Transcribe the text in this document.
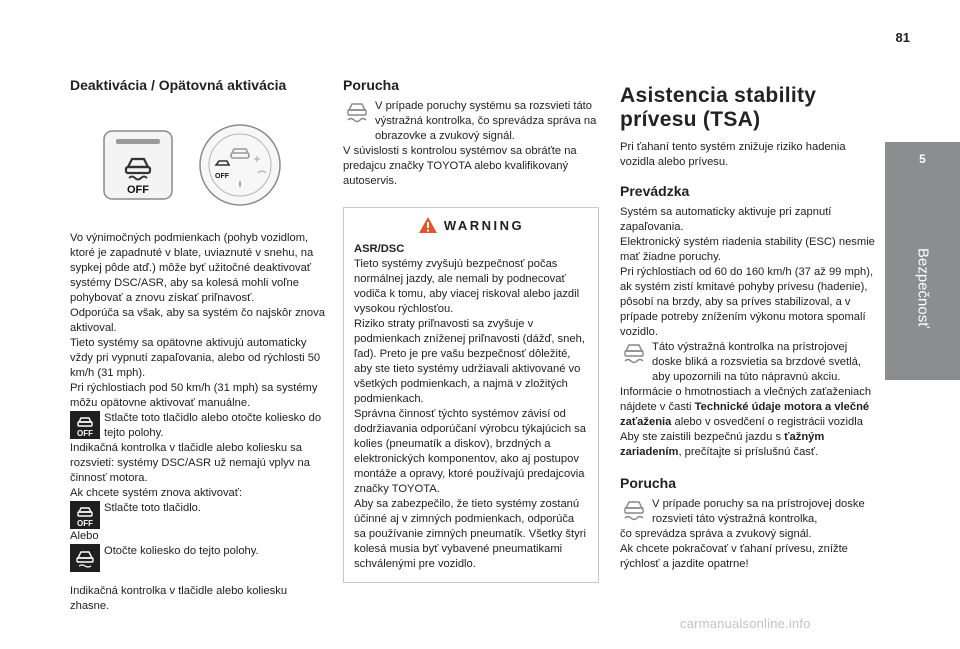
81
5
Bezpečnosť
Deaktivácia / Opätovná aktivácia
OFF
OFF

Vo výnimočných podmienkach (pohyb vozidlom, ktoré je zapadnuté v blate, uviaznuté v snehu, na sypkej pôde atď.) môže byť užitočné deaktivovať systémy DSC/ASR, aby sa kolesá mohli voľne pohybovať a znovu získať priľnavosť.

Odporúča sa však, aby sa systém čo najskôr znova aktivoval.

Tieto systémy sa opätovne aktivujú automaticky vždy pri vypnutí zapaľovania, alebo od rýchlosti 50 km/h (31 mph).

Pri rýchlostiach pod 50 km/h (31 mph) sa systémy môžu opätovne aktivovať manuálne.

OFF

Stlačte toto tlačidlo alebo otočte koliesko do tejto polohy.

Indikačná kontrolka v tlačidle alebo koliesku sa rozsvieti: systémy DSC/ASR už nemajú vplyv na činnosť motora.

Ak chcete systém znova aktivovať:

OFF

Stlačte toto tlačidlo.

Alebo

Otočte koliesko do tejto polohy.

Indikačná kontrolka v tlačidle alebo koliesku zhasne.

Porucha

V prípade poruchy systému sa rozsvieti táto výstražná kontrolka, čo sprevádza správa na obrazovke a zvukový signál.

V súvislosti s kontrolou systémov sa obráťte na predajcu značky TOYOTA alebo kvalifikovaný autoservis.

WARNING

ASR/DSC

Tieto systémy zvyšujú bezpečnosť počas normálnej jazdy, ale nemali by podnecovať vodiča k tomu, aby viacej riskoval alebo jazdil vysokou rýchlosťou.

Riziko straty priľnavosti sa zvyšuje v podmienkach zníženej priľnavosti (dážď, sneh, ľad). Preto je pre vašu bezpečnosť dôležité, aby ste tieto systémy udržiavali aktivované vo všetkých podmienkach, a najmä v zložitých podmienkach.

Správna činnosť týchto systémov závisí od dodržiavania odporúčaní výrobcu týkajúcich sa kolies (pneumatík a diskov), brzdných a elektronických komponentov, ako aj postupov montáže a opravy, ktoré používajú predajcovia značky TOYOTA.

Aby sa zabezpečilo, že tieto systémy zostanú účinné aj v zimných podmienkach, odporúča sa používanie zimných pneumatík. Všetky štyri kolesá musia byť vybavené pneumatikami schválenými pre vozidlo.

Asistencia stability prívesu (TSA)

Pri ťahaní tento systém znižuje riziko hadenia vozidla alebo prívesu.

Prevádzka

Systém sa automaticky aktivuje pri zapnutí zapaľovania.

Elektronický systém riadenia stability (ESC) nesmie mať žiadne poruchy.

Pri rýchlostiach od 60 do 160 km/h (37 až 99 mph), ak systém zistí kmitavé pohyby prívesu (hadenie), pôsobí na brzdy, aby sa príves stabilizoval, a v prípade potreby znížením výkonu motora spomalí vozidlo.

Táto výstražná kontrolka na prístrojovej doske bliká a rozsvietia sa brzdové svetlá, aby upozornili na túto nápravnú akciu.

Informácie o hmotnostiach a vlečných zaťaženiach nájdete v časti Technické údaje motora a vlečné zaťaženia alebo v osvedčení o registrácii vozidla

Aby ste zaistili bezpečnú jazdu s ťažným zariadením, prečítajte si príslušnú časť.

Porucha

V prípade poruchy sa na prístrojovej doske rozsvieti táto výstražná kontrolka,

čo sprevádza správa a zvukový signál.

Ak chcete pokračovať v ťahaní prívesu, znížte rýchlosť a jazdite opatrne!

carmanualsonline.info
